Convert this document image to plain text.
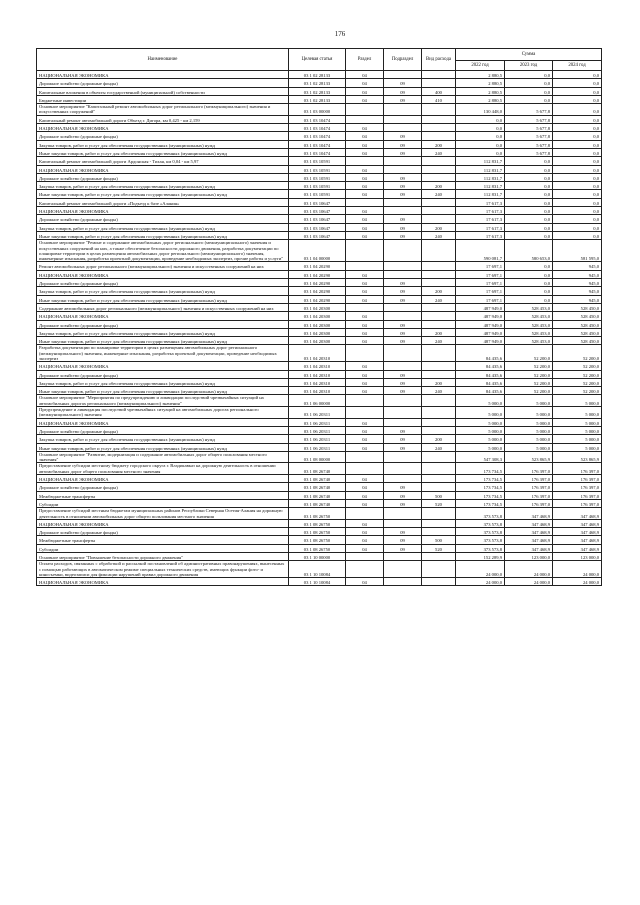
176
Наименование	Целевая статья	Раздел	Подраздел	Вид расхода	Сумма		
					2022 год	2023 год	2024 год
НАЦИОНАЛЬНАЯ ЭКОНОМИКА	03 1 02 28133	04			2 880,5	0,0	0,0
Дорожное хозяйство (дорожные фонды)	03 1 02 28133	04	09		2 880,5	0,0	0,0
Капитальные вложения в объекты государственной (муниципальной) собственности	03 1 02 28133	04	09	400	2 880,5	0,0	0,0
Бюджетные инвестиции	03 1 02 28133	04	09	410	2 880,5	0,0	0,0
Основное мероприятие "Капитальный ремонт автомобильных дорог регионального (межмуниципального) значения и искусственных сооружений"	03 1 03 00000				130 448,0	5 677,8	0,0
Капитальный ремонт автомобильной дороги Объезд г. Дигора, км 0,425 - км 2,159	03 1 03 10474				0,0	5 677,8	0,0
НАЦИОНАЛЬНАЯ ЭКОНОМИКА	03 1 03 10474	04			0,0	5 677,8	0,0
Дорожное хозяйство (дорожные фонды)	03 1 03 10474	04	09		0,0	5 677,8	0,0
Закупка товаров, работ и услуг для обеспечения государственных (муниципальных) нужд	03 1 03 10474	04	09	200	0,0	5 677,8	0,0
Иные закупки товаров, работ и услуг для обеспечения государственных (муниципальных) нужд	03 1 03 10474	04	09	240	0,0	5 677,8	0,0
Капитальный ремонт автомобильной дороги Ардонская - Тихая, км 0,04 - км 5,97	03 1 03 10591				112 831,7	0,0	0,0
НАЦИОНАЛЬНАЯ ЭКОНОМИКА	03 1 03 10591	04			112 831,7	0,0	0,0
Дорожное хозяйство (дорожные фонды)	03 1 03 10591	04	09		112 831,7	0,0	0,0
Закупка товаров, работ и услуг для обеспечения государственных (муниципальных) нужд	03 1 03 10591	04	09	200	112 831,7	0,0	0,0
Иные закупки товаров, работ и услуг для обеспечения государственных (муниципальных) нужд	03 1 03 10591	04	09	240	112 831,7	0,0	0,0
Капитальный ремонт автомобильной дороги «Подъезд к базе «Алания»	03 1 03 10647				17 617,3	0,0	0,0
НАЦИОНАЛЬНАЯ ЭКОНОМИКА	03 1 03 10647	04			17 617,3	0,0	0,0
Дорожное хозяйство (дорожные фонды)	03 1 03 10647	04	09		17 617,3	0,0	0,0
Закупка товаров, работ и услуг для обеспечения государственных (муниципальных) нужд	03 1 03 10647	04	09	200	17 617,3	0,0	0,0
Иные закупки товаров, работ и услуг для обеспечения государственных (муниципальных) нужд	03 1 03 10647	04	09	240	17 617,3	0,0	0,0
Основное мероприятие "Ремонт и содержание автомобильных дорог регионального (межмуниципального) значения и искусственных сооружений на них, а также обеспечение безопасности дорожного движения, разработка документации по планировке территории в целях размещения автомобильных дорог регионального (межмуниципального) значения, инженерные изыскания, разработка проектной документации, проведение необходимых экспертиз, прочие работы и услуги"	03 1 04 00000				590 081,7	580 653,0	581 595,0
Ремонт автомобильных дорог регионального (межмуниципального) значения и искусственных сооружений на них	03 1 04 20290				17 697,1	0,0	945,0
НАЦИОНАЛЬНАЯ ЭКОНОМИКА	03 1 04 20290	04			17 697,1	0,0	945,0
Дорожное хозяйство (дорожные фонды)	03 1 04 20290	04	09		17 697,1	0,0	945,0
Закупка товаров, работ и услуг для обеспечения государственных (муниципальных) нужд	03 1 04 20290	04	09	200	17 697,1	0,0	945,0
Иные закупки товаров, работ и услуг для обеспечения государственных (муниципальных) нужд	03 1 04 20290	04	09	240	17 697,1	0,0	945,0
Содержание автомобильных дорог регионального (межмуниципального) значения и искусственных сооружений на них	03 1 04 20300				487 949,0	528 453,0	528 450,0
НАЦИОНАЛЬНАЯ ЭКОНОМИКА	03 1 04 20300	04			487 949,0	528 453,0	528 450,0
Дорожное хозяйство (дорожные фонды)	03 1 04 20300	04	09		487 949,0	528 453,0	528 450,0
Закупка товаров, работ и услуг для обеспечения государственных (муниципальных) нужд	03 1 04 20300	04	09	200	487 949,0	528 453,0	528 450,0
Иные закупки товаров, работ и услуг для обеспечения государственных (муниципальных) нужд	03 1 04 20300	04	09	240	487 949,0	528 453,0	528 450,0
Разработка документации по планировке территории в целях размещения автомобильных дорог регионального (межмуниципального) значения, инженерные изыскания, разработка проектной документации, проведение необходимых экспертиз	03 1 04 20310				84 435,6	52 200,0	52 200,0
НАЦИОНАЛЬНАЯ ЭКОНОМИКА	03 1 04 20310	04			84 435,6	52 200,0	52 200,0
Дорожное хозяйство (дорожные фонды)	03 1 04 20310	04	09		84 435,6	52 200,0	52 200,0
Закупка товаров, работ и услуг для обеспечения государственных (муниципальных) нужд	03 1 04 20310	04	09	200	84 435,6	52 200,0	52 200,0
Иные закупки товаров, работ и услуг для обеспечения государственных (муниципальных) нужд	03 1 04 20310	04	09	240	84 435,6	52 200,0	52 200,0
Основное мероприятие "Мероприятия по предупреждению и ликвидации последствий чрезвычайных ситуаций на автомобильных дорогах регионального (межмуниципального) значения"	03 1 06 00000				5 000,0	5 000,0	5 000,0
Предупреждение и ликвидация последствий чрезвычайных ситуаций на автомобильных дорогах регионального (межмуниципального) значения	03 1 06 20311				5 000,0	5 000,0	5 000,0
НАЦИОНАЛЬНАЯ ЭКОНОМИКА	03 1 06 20311	04			5 000,0	5 000,0	5 000,0
Дорожное хозяйство (дорожные фонды)	03 1 06 20311	04	09		5 000,0	5 000,0	5 000,0
Закупка товаров, работ и услуг для обеспечения государственных (муниципальных) нужд	03 1 06 20311	04	09	200	5 000,0	5 000,0	5 000,0
Иные закупки товаров, работ и услуг для обеспечения государственных (муниципальных) нужд	03 1 06 20311	04	09	240	5 000,0	5 000,0	5 000,0
Основное мероприятие "Развитие, модернизация и содержание автомобильных дорог общего пользования местного значения"	03 1 08 00000				547 308,3	523 865,9	523 865,9
Предоставление субсидии местному бюджету городского округа г. Владикавказ на дорожную деятельность в отношении автомобильных дорог общего пользования местного значения	03 1 08 26740				173 734,5	176 397,0	176 397,0
НАЦИОНАЛЬНАЯ ЭКОНОМИКА	03 1 08 26740	04			173 734,5	176 397,0	176 397,0
Дорожное хозяйство (дорожные фонды)	03 1 08 26740	04	09		173 734,5	176 397,0	176 397,0
Межбюджетные трансферты	03 1 08 26740	04	09	500	173 734,5	176 397,0	176 397,0
Субсидии	03 1 08 26740	04	09	520	173 734,5	176 397,0	176 397,0
Предоставление субсидий местным бюджетам муниципальных районов Республики Северная Осетия-Алания на дорожную деятельность в отношении автомобильных дорог общего пользования местного значения	03 1 08 26750				373 573,8	347 468,9	347 468,9
НАЦИОНАЛЬНАЯ ЭКОНОМИКА	03 1 08 26750	04			373 573,8	347 468,9	347 468,9
Дорожное хозяйство (дорожные фонды)	03 1 08 26750	04	09		373 573,8	347 468,9	347 468,9
Межбюджетные трансферты	03 1 08 26750	04	09	500	373 573,8	347 468,9	347 468,9
Субсидии	03 1 08 26750	04	09	520	373 573,8	347 468,9	347 468,9
Основное мероприятие "Повышение безопасности дорожного движения"	03 1 10 00000				152 289,9	123 000,0	123 000,0
Оплата расходов, связанных с обработкой и рассылкой постановлений об административных правонарушениях, вынесенных с помощью работающих в автоматическом режиме специальных технических средств, имеющих функции фото- и киносъемки, видеозаписи для фиксации нарушений правил дорожного движения	03 1 10 10084				24 000,0	24 000,0	24 000,0
НАЦИОНАЛЬНАЯ ЭКОНОМИКА	03 1 10 10084	04			24 000,0	24 000,0	24 000,0
